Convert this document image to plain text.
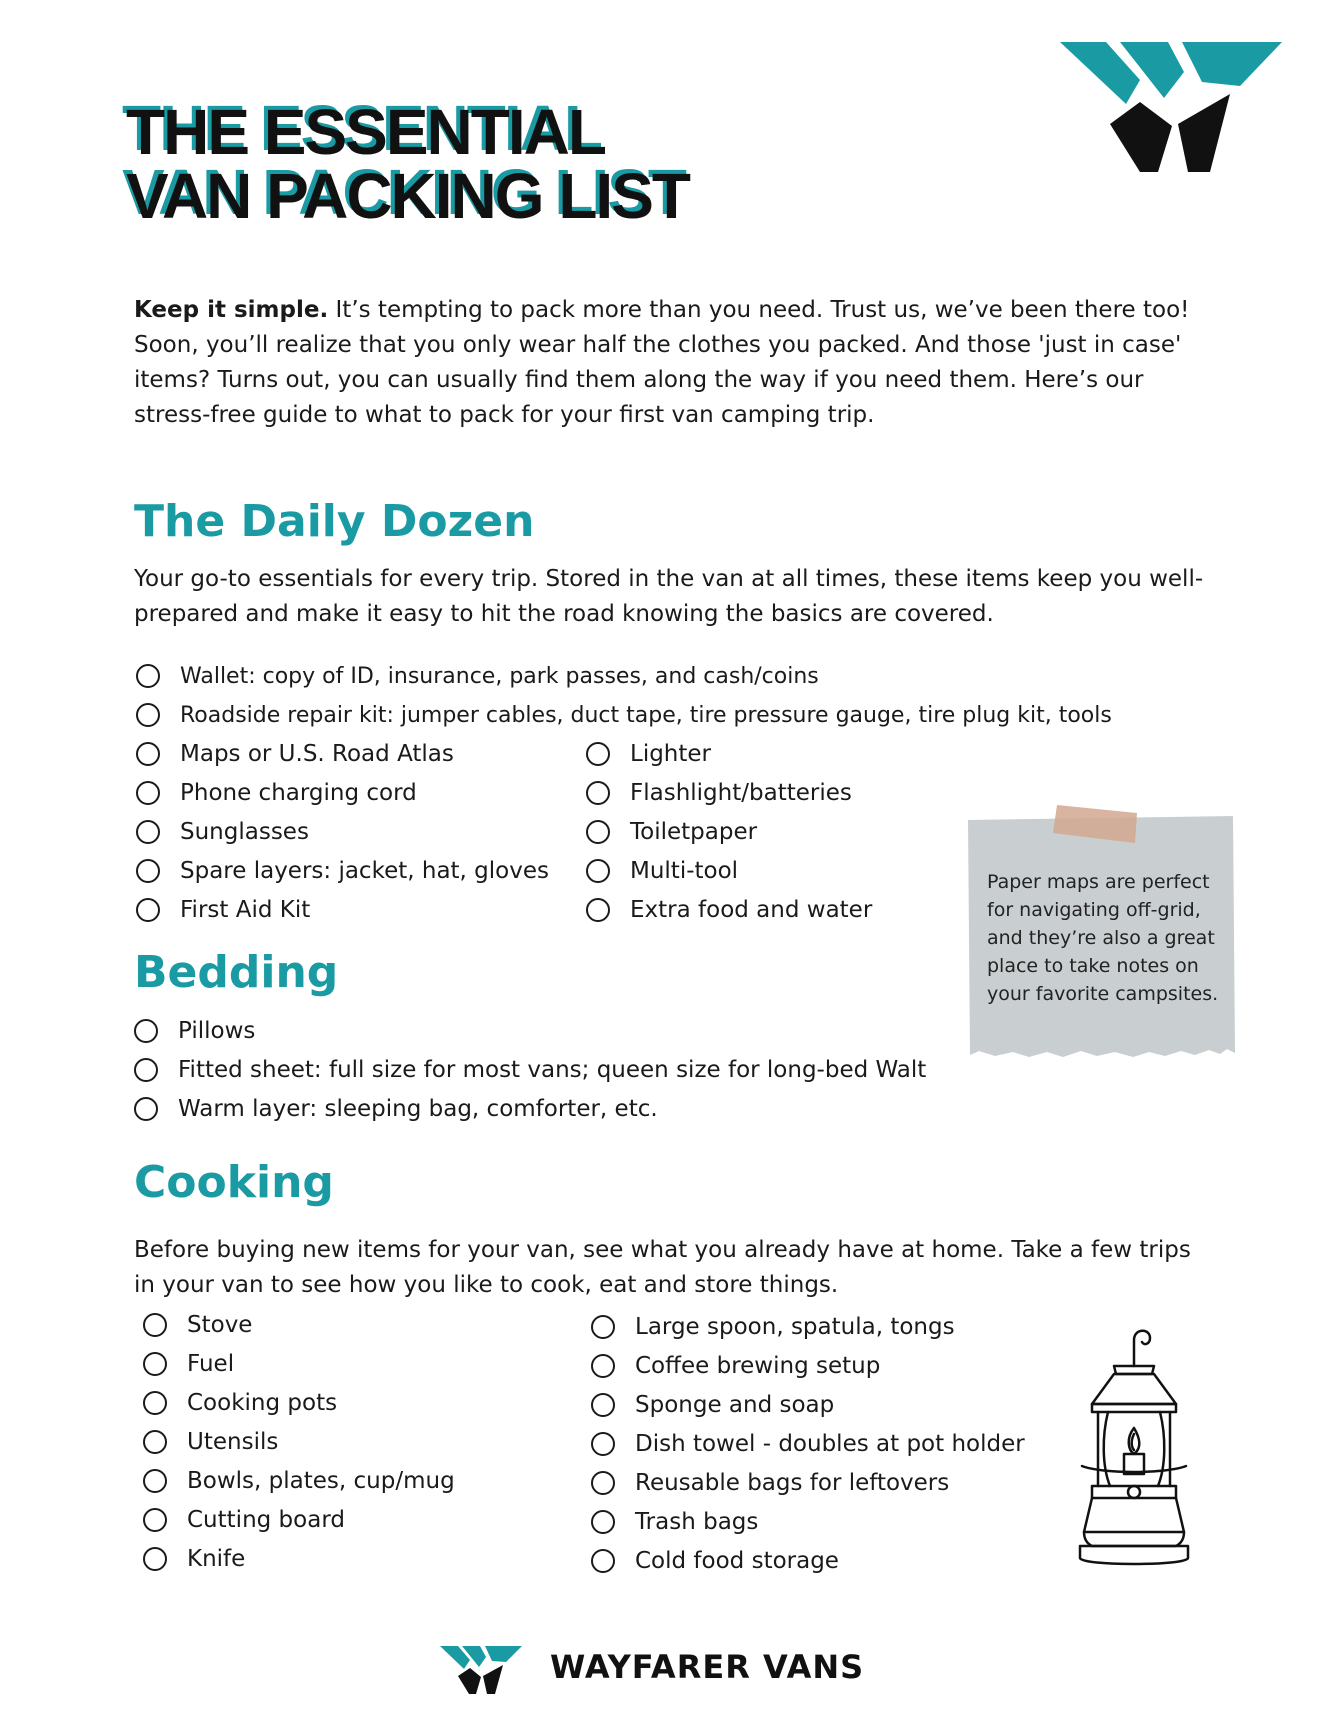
THE ESSENTIAL
VAN PACKING LIST

Keep it simple. It’s tempting to pack more than you need. Trust us, we’ve been there too! Soon, you’ll realize that you only wear half the clothes you packed. And those 'just in case' items? Turns out, you can usually find them along the way if you need them. Here’s our stress-free guide to what to pack for your first van camping trip.

The Daily Dozen

Your go-to essentials for every trip. Stored in the van at all times, these items keep you well-prepared and make it easy to hit the road knowing the basics are covered.

Wallet: copy of ID, insurance, park passes, and cash/coins
Roadside repair kit: jumper cables, duct tape, tire pressure gauge, tire plug kit, tools
Maps or U.S. Road Atlas
Phone charging cord
Sunglasses
Spare layers: jacket, hat, gloves
First Aid Kit
Lighter
Flashlight/batteries
Toiletpaper
Multi-tool
Extra food and water

Paper maps are perfect for navigating off-grid, and they’re also a great place to take notes on your favorite campsites.

Bedding
Pillows
Fitted sheet: full size for most vans; queen size for long-bed Walt
Warm layer: sleeping bag, comforter, etc.
Cooking

Before buying new items for your van, see what you already have at home. Take a few trips in your van to see how you like to cook, eat and store things.

Stove
Fuel
Cooking pots
Utensils
Bowls, plates, cup/mug
Cutting board
Knife
Large spoon, spatula, tongs
Coffee brewing setup
Sponge and soap
Dish towel - doubles at pot holder
Reusable bags for leftovers
Trash bags
Cold food storage

WAYFARER VANS
